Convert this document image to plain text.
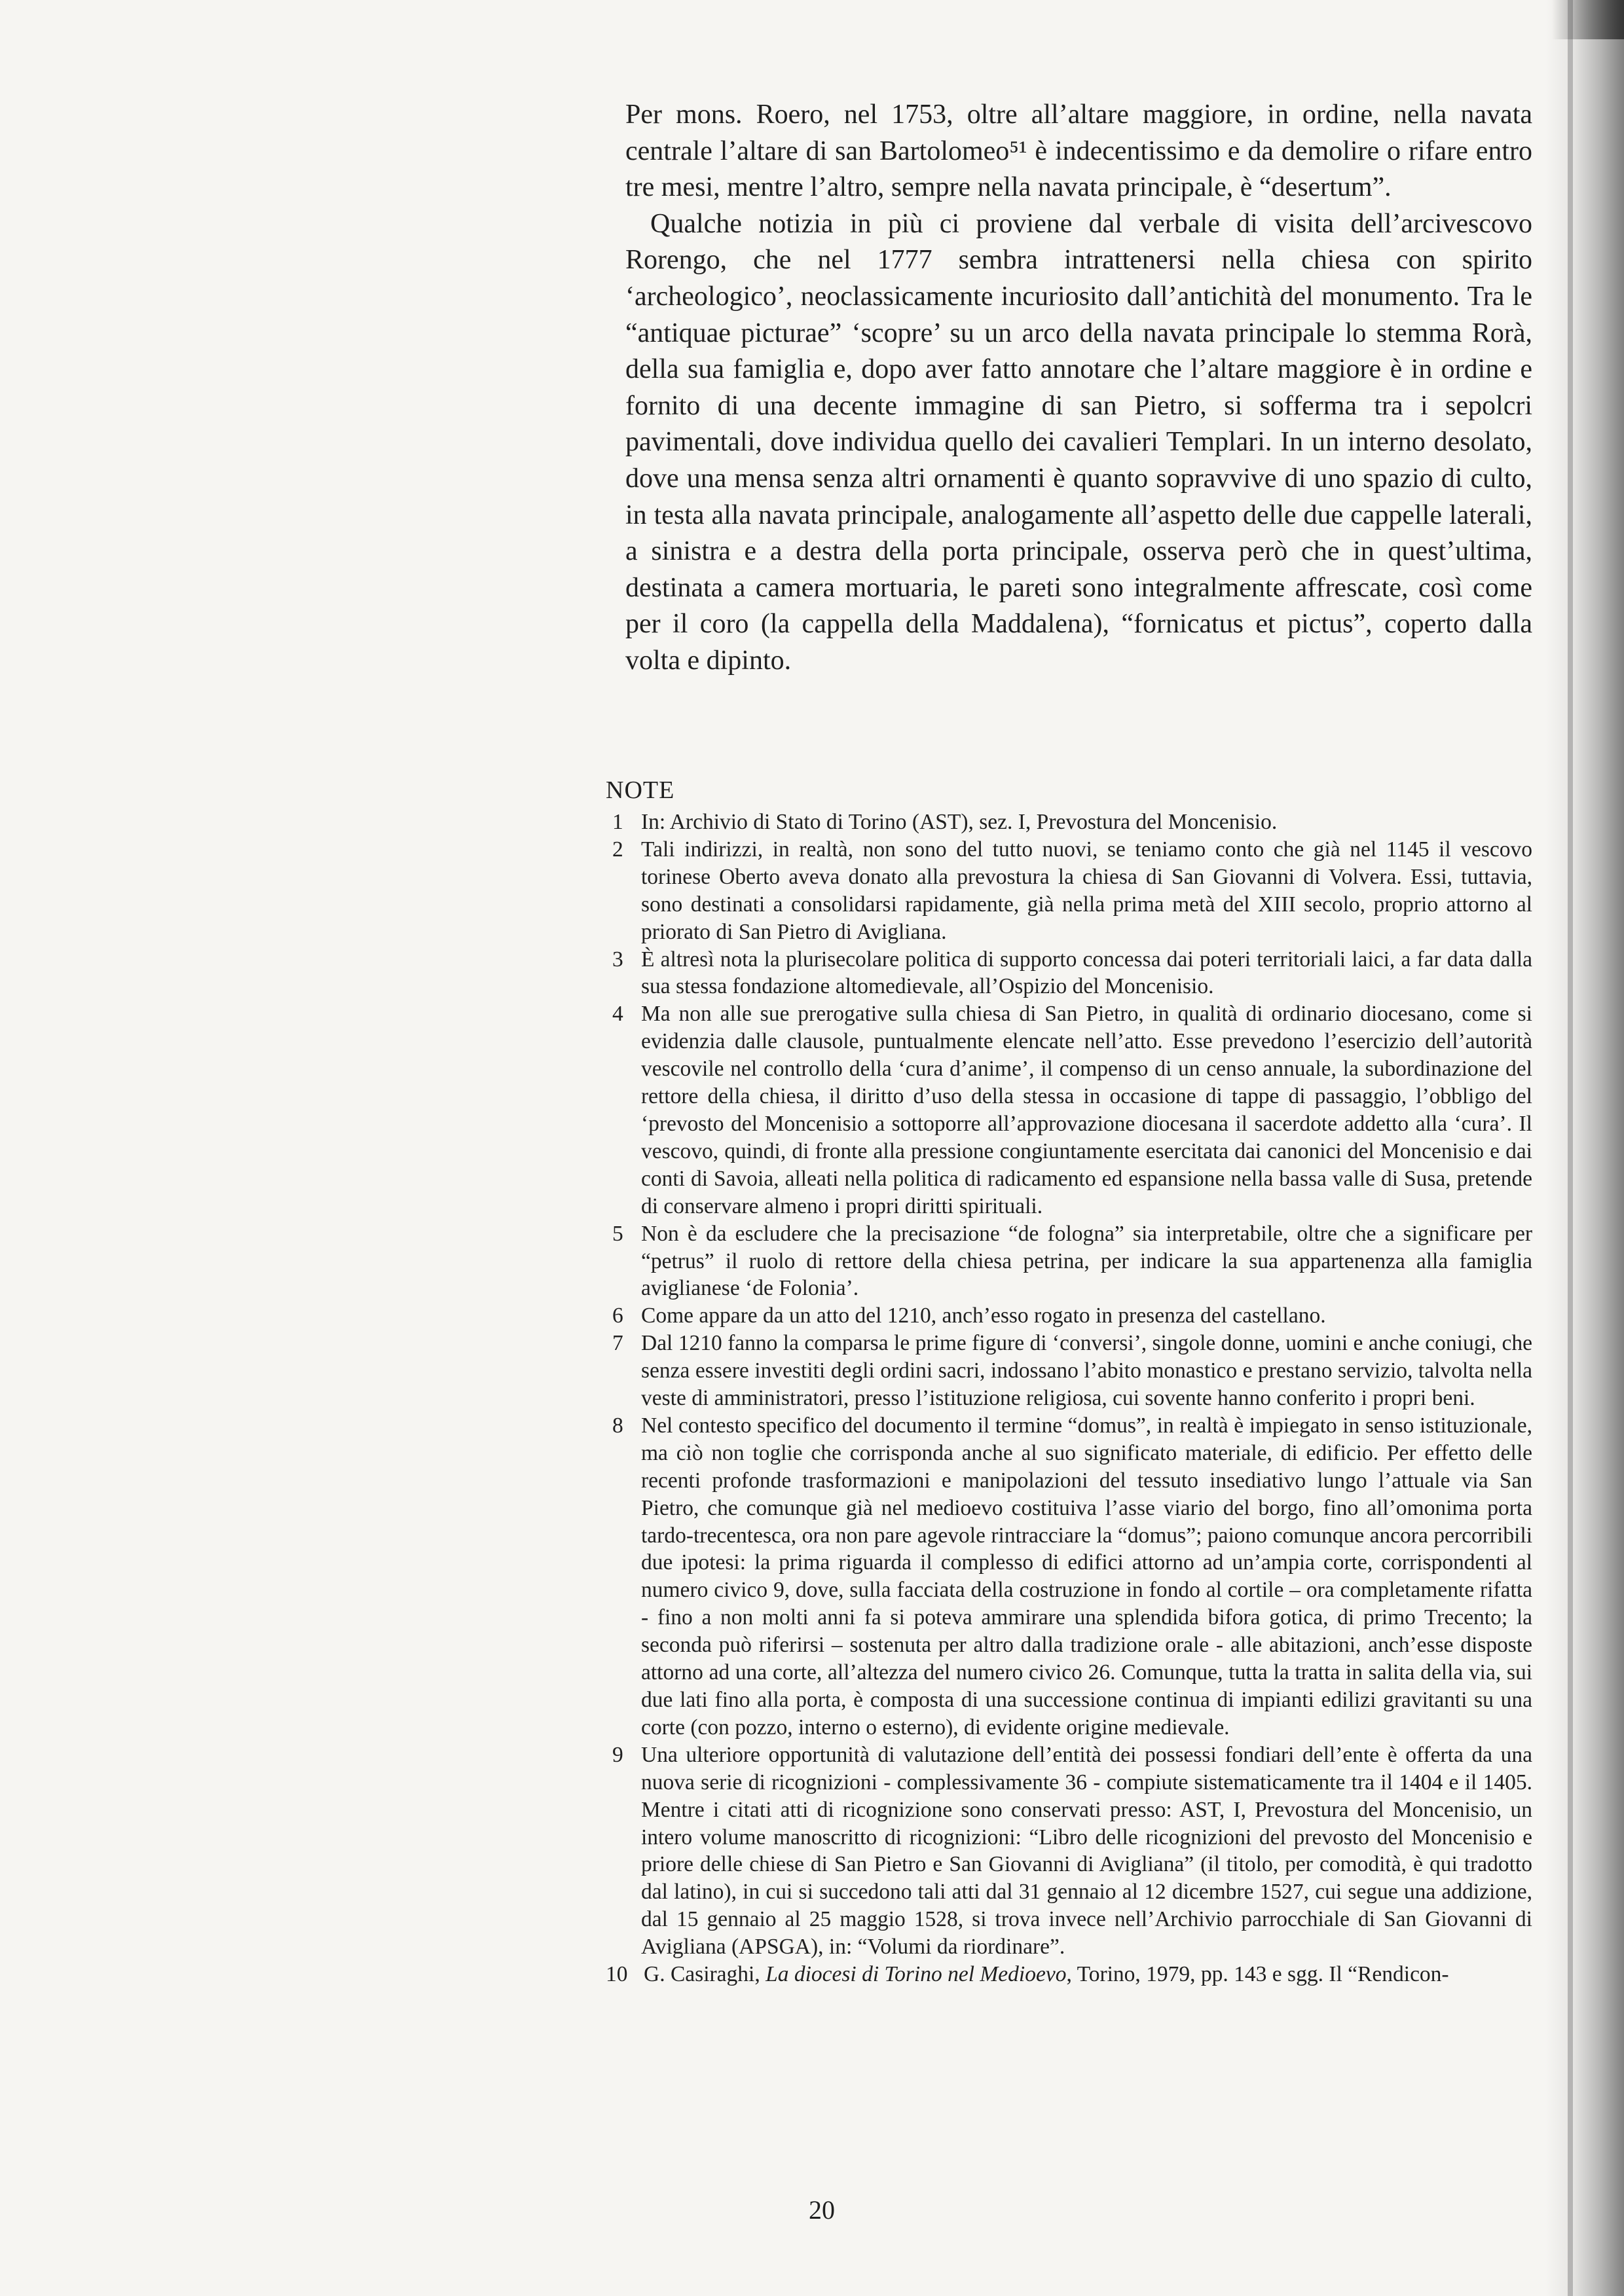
Per mons. Roero, nel 1753, oltre all’altare maggiore, in ordine, nella navata centrale l’altare di san Bartolomeo⁵¹ è indecentissimo e da demolire o rifare entro tre mesi, mentre l’altro, sempre nella navata principale, è “desertum”.

Qualche notizia in più ci proviene dal verbale di visita dell’arcivescovo Rorengo, che nel 1777 sembra intrattenersi nella chiesa con spirito ‘archeologico’, neoclassicamente incuriosito dall’antichità del monumento. Tra le “antiquae picturae” ‘scopre’ su un arco della navata principale lo stemma Rorà, della sua famiglia e, dopo aver fatto annotare che l’altare maggiore è in ordine e fornito di una decente immagine di san Pietro, si sofferma tra i sepolcri pavimentali, dove individua quello dei cavalieri Templari. In un interno desolato, dove una mensa senza altri ornamenti è quanto sopravvive di uno spazio di culto, in testa alla navata principale, analogamente all’aspetto delle due cappelle laterali, a sinistra e a destra della porta principale, osserva però che in quest’ultima, destinata a camera mortuaria, le pareti sono integralmente affrescate, così come per il coro (la cappella della Maddalena), “fornicatus et pictus”, coperto dalla volta e dipinto.

NOTE
1 In: Archivio di Stato di Torino (AST), sez. I, Prevostura del Moncenisio.
2 Tali indirizzi, in realtà, non sono del tutto nuovi, se teniamo conto che già nel 1145 il vescovo torinese Oberto aveva donato alla prevostura la chiesa di San Giovanni di Volvera. Essi, tuttavia, sono destinati a consolidarsi rapidamente, già nella prima metà del XIII secolo, proprio attorno al priorato di San Pietro di Avigliana.
3 È altresì nota la plurisecolare politica di supporto concessa dai poteri territoriali laici, a far data dalla sua stessa fondazione altomedievale, all’Ospizio del Moncenisio.
4 Ma non alle sue prerogative sulla chiesa di San Pietro, in qualità di ordinario diocesano, come si evidenzia dalle clausole, puntualmente elencate nell’atto. Esse prevedono l’esercizio dell’autorità vescovile nel controllo della ‘cura d’anime’, il compenso di un censo annuale, la subordinazione del rettore della chiesa, il diritto d’uso della stessa in occasione di tappe di passaggio, l’obbligo del ‘prevosto del Moncenisio a sottoporre all’approvazione diocesana il sacerdote addetto alla ‘cura’. Il vescovo, quindi, di fronte alla pressione congiuntamente esercitata dai canonici del Moncenisio e dai conti di Savoia, alleati nella politica di radicamento ed espansione nella bassa valle di Susa, pretende di conservare almeno i propri diritti spirituali.
5 Non è da escludere che la precisazione “de fologna” sia interpretabile, oltre che a significare per “petrus” il ruolo di rettore della chiesa petrina, per indicare la sua appartenenza alla famiglia aviglianese ‘de Folonia’.
6 Come appare da un atto del 1210, anch’esso rogato in presenza del castellano.
7 Dal 1210 fanno la comparsa le prime figure di ‘conversi’, singole donne, uomini e anche coniugi, che senza essere investiti degli ordini sacri, indossano l’abito monastico e prestano servizio, talvolta nella veste di amministratori, presso l’istituzione religiosa, cui sovente hanno conferito i propri beni.
8 Nel contesto specifico del documento il termine “domus”, in realtà è impiegato in senso istituzionale, ma ciò non toglie che corrisponda anche al suo significato materiale, di edificio. Per effetto delle recenti profonde trasformazioni e manipolazioni del tessuto insediativo lungo l’attuale via San Pietro, che comunque già nel medioevo costituiva l’asse viario del borgo, fino all’omonima porta tardo-trecentesca, ora non pare agevole rintracciare la “domus”; paiono comunque ancora percorribili due ipotesi: la prima riguarda il complesso di edifici attorno ad un’ampia corte, corrispondenti al numero civico 9, dove, sulla facciata della costruzione in fondo al cortile – ora completamente rifatta - fino a non molti anni fa si poteva ammirare una splendida bifora gotica, di primo Trecento; la seconda può riferirsi – sostenuta per altro dalla tradizione orale - alle abitazioni, anch’esse disposte attorno ad una corte, all’altezza del numero civico 26. Comunque, tutta la tratta in salita della via, sui due lati fino alla porta, è composta di una successione continua di impianti edilizi gravitanti su una corte (con pozzo, interno o esterno), di evidente origine medievale.
9 Una ulteriore opportunità di valutazione dell’entità dei possessi fondiari dell’ente è offerta da una nuova serie di ricognizioni - complessivamente 36 - compiute sistematicamente tra il 1404 e il 1405. Mentre i citati atti di ricognizione sono conservati presso: AST, I, Prevostura del Moncenisio, un intero volume manoscritto di ricognizioni: “Libro delle ricognizioni del prevosto del Moncenisio e priore delle chiese di San Pietro e San Giovanni di Avigliana” (il titolo, per comodità, è qui tradotto dal latino), in cui si succedono tali atti dal 31 gennaio al 12 dicembre 1527, cui segue una addizione, dal 15 gennaio al 25 maggio 1528, si trova invece nell’Archivio parrocchiale di San Giovanni di Avigliana (APSGA), in: “Volumi da riordinare”.
10 G. Casiraghi, La diocesi di Torino nel Medioevo, Torino, 1979, pp. 143 e sgg. Il “Rendicon-
20
